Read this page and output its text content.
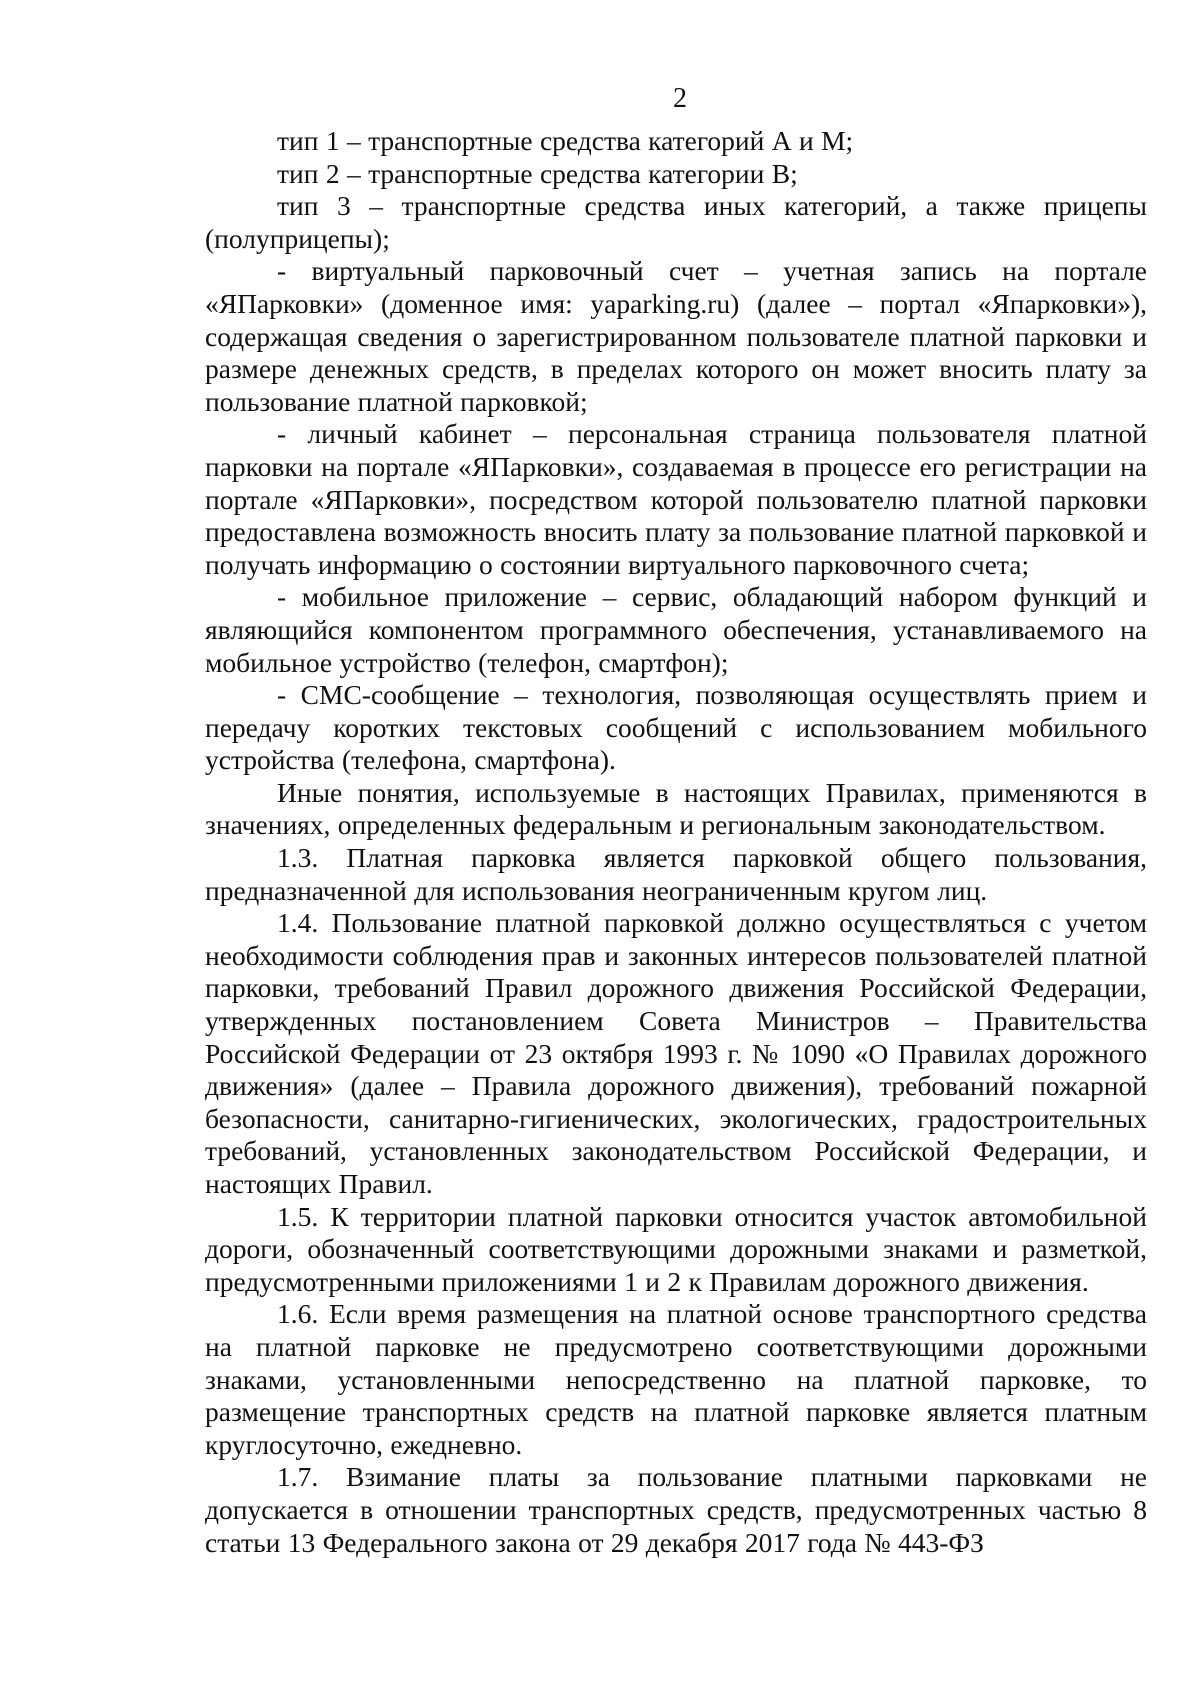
2

тип 1 – транспортные средства категорий А и М;

тип 2 – транспортные средства категории В;

тип 3 – транспортные средства иных категорий, а также прицепы (полуприцепы);

- виртуальный парковочный счет – учетная запись на портале «ЯПарковки» (доменное имя: yaparking.ru) (далее – портал «Япарковки»), содержащая сведения о зарегистрированном пользователе платной парковки и размере денежных средств, в пределах которого он может вносить плату за пользование платной парковкой;

- личный кабинет – персональная страница пользователя платной парковки на портале «ЯПарковки», создаваемая в процессе его регистрации на портале «ЯПарковки», посредством которой пользователю платной парковки предоставлена возможность вносить плату за пользование платной парковкой и получать информацию о состоянии виртуального парковочного счета;

- мобильное приложение – сервис, обладающий набором функций и являющийся компонентом программного обеспечения, устанавливаемого на мобильное устройство (телефон, смартфон);

- СМС-сообщение – технология, позволяющая осуществлять прием и передачу коротких текстовых сообщений с использованием мобильного устройства (телефона, смартфона).

Иные понятия, используемые в настоящих Правилах, применяются в значениях, определенных федеральным и региональным законодательством.

1.3. Платная парковка является парковкой общего пользования, предназначенной для использования неограниченным кругом лиц.

1.4. Пользование платной парковкой должно осуществляться с учетом необходимости соблюдения прав и законных интересов пользователей платной парковки, требований Правил дорожного движения Российской Федерации, утвержденных постановлением Совета Министров – Правительства Российской Федерации от 23 октября 1993 г. № 1090 «О Правилах дорожного движения» (далее – Правила дорожного движения), требований пожарной безопасности, санитарно-гигиенических, экологических, градостроительных требований, установленных законодательством Российской Федерации, и настоящих Правил.

1.5. К территории платной парковки относится участок автомобильной дороги, обозначенный соответствующими дорожными знаками и разметкой, предусмотренными приложениями 1 и 2 к Правилам дорожного движения.

1.6. Если время размещения на платной основе транспортного средства на платной парковке не предусмотрено соответствующими дорожными знаками, установленными непосредственно на платной парковке, то размещение транспортных средств на платной парковке является платным круглосуточно, ежедневно.

1.7. Взимание платы за пользование платными парковками не допускается в отношении транспортных средств, предусмотренных частью 8 статьи 13 Федерального закона от 29 декабря 2017 года № 443-ФЗ
